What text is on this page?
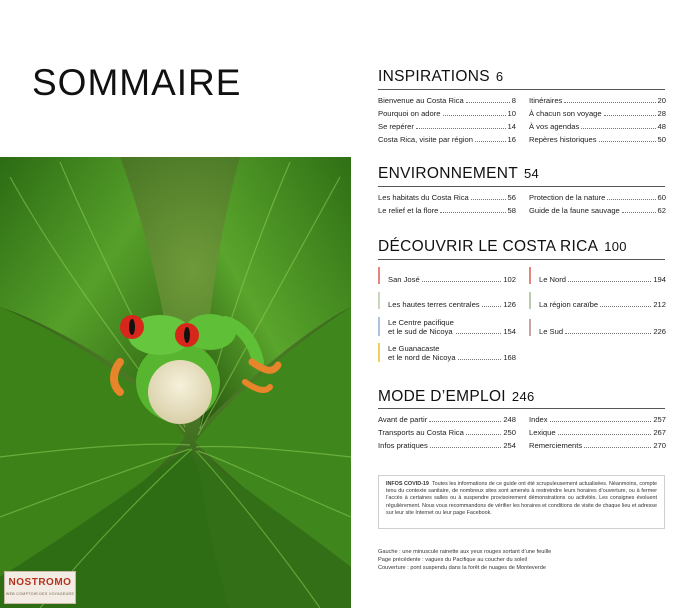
SOMMAIRE	INSPIRATIONS 6
Bienvenue au Costa Rica	8
Pourquoi on adore	10
Se repérer	14
Costa Rica, visite par région	16
Itinéraires	20
À chacun son voyage	28
À vos agendas	48
Repères historiques	50
ENVIRONNEMENT 54
Les habitats du Costa Rica	56
Le relief et la flore	58
Protection de la nature	60
Guide de la faune sauvage	62
DÉCOUVRIR LE COSTA RICA 100
San José	102
Les hautes terres centrales	126
Le Centre pacifique
et le sud de Nicoya	154
Le Guanacaste
et le nord de Nicoya	168
Le Nord	194
La région caraïbe	212
Le Sud	226
MODE D’EMPLOI 246
Avant de partir	248
Transports au Costa Rica	250
Infos pratiques	254
Index	257
Lexique	267
Remerciements	270
INFOS COVID-19 Toutes les informations de ce guide ont été scrupuleusement actualisées. Néanmoins, compte tenu du contexte sanitaire, de nombreux sites sont amenés à restreindre leurs horaires d’ouverture, ou à fermer l’accès à certaines salles ou à suspendre provisoirement démonstrations ou activités. Les consignes évoluent régulièrement. Nous vous recommandons de vérifier les horaires et conditions de visite de chaque lieu et adresse sur leur site Internet ou leur page Facebook.
Gauche : une minuscule rainette aux yeux rouges sortant d’une feuille
Page précédente : vagues du Pacifique au coucher du soleil
Couverture : pont suspendu dans la forêt de nuages de Monteverde
NOSTROMO
WEB COMPTOIR DES VOYAGEURS
